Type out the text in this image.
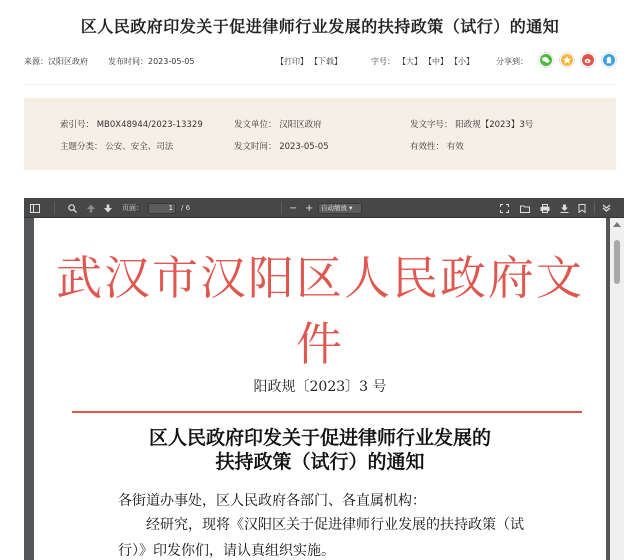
区人民政府印发关于促进律师行业发展的扶持政策（试行）的通知
来源：汉阳区政府	发布时间：2023-05-05	【打印】 【下载】	字号： 【大】 【中】 【小】	分享到：
索引号： MB0X48944/2023-13329	发文单位： 汉阳区政府	发文字号： 阳政规【2023】3号
主题分类： 公安、安全、司法	发文时间： 2023-05-05	有效性： 有效
页面：	1	/ 6	− +	自动缩放 ▾
武汉市汉阳区人民政府文件
阳政规〔2023〕3 号
区人民政府印发关于促进律师行业发展的
扶持政策（试行）的通知
各街道办事处，区人民政府各部门、各直属机构：
经研究，现将《汉阳区关于促进律师行业发展的扶持政策（试
行）》印发你们，请认真组织实施。
